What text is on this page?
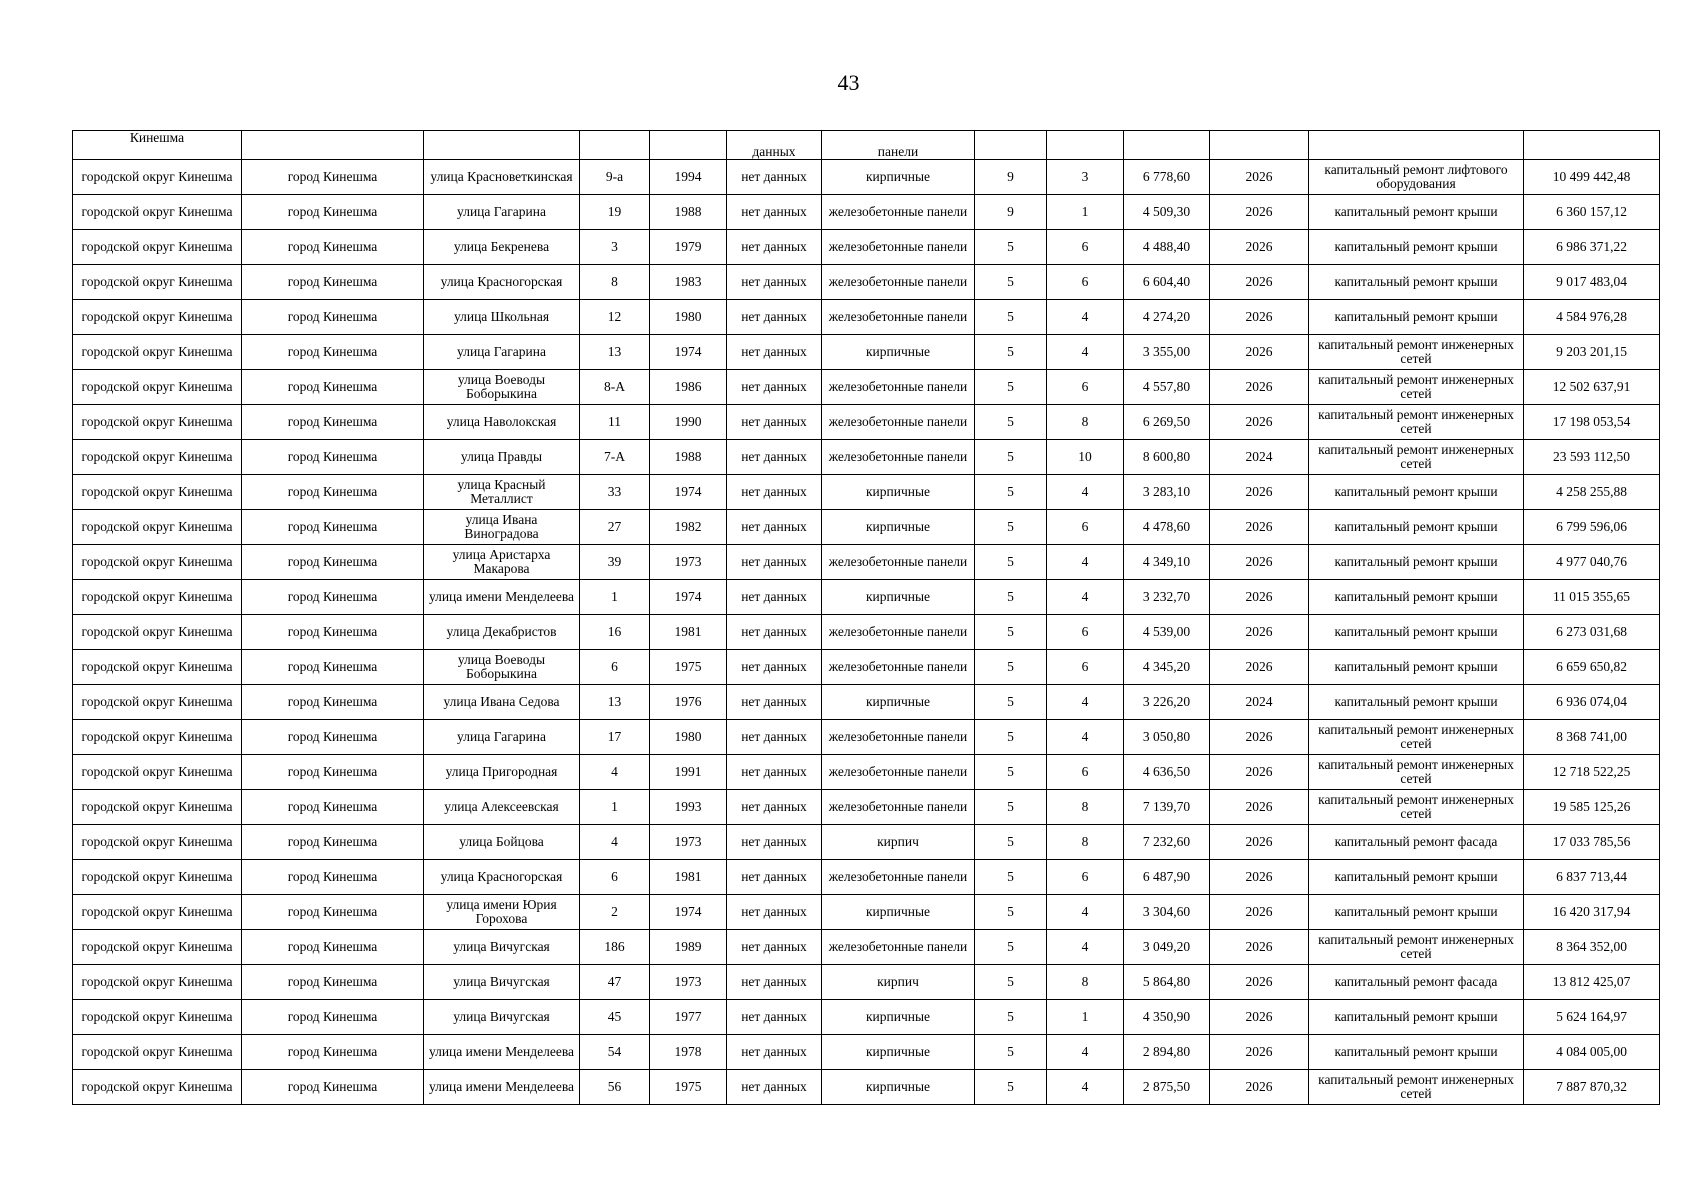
43
Кинешма					данных	панели						
городской округ Кинешма	город Кинешма	улица Красноветкинская	9-а	1994	нет данных	кирпичные	9	3	6 778,60	2026	капитальный ремонт лифтового оборудования	10 499 442,48
городской округ Кинешма	город Кинешма	улица Гагарина	19	1988	нет данных	железобетонные панели	9	1	4 509,30	2026	капитальный ремонт крыши	6 360 157,12
городской округ Кинешма	город Кинешма	улица Бекренева	3	1979	нет данных	железобетонные панели	5	6	4 488,40	2026	капитальный ремонт крыши	6 986 371,22
городской округ Кинешма	город Кинешма	улица Красногорская	8	1983	нет данных	железобетонные панели	5	6	6 604,40	2026	капитальный ремонт крыши	9 017 483,04
городской округ Кинешма	город Кинешма	улица Школьная	12	1980	нет данных	железобетонные панели	5	4	4 274,20	2026	капитальный ремонт крыши	4 584 976,28
городской округ Кинешма	город Кинешма	улица Гагарина	13	1974	нет данных	кирпичные	5	4	3 355,00	2026	капитальный ремонт инженерных сетей	9 203 201,15
городской округ Кинешма	город Кинешма	улица Воеводы Боборыкина	8-А	1986	нет данных	железобетонные панели	5	6	4 557,80	2026	капитальный ремонт инженерных сетей	12 502 637,91
городской округ Кинешма	город Кинешма	улица Наволокская	11	1990	нет данных	железобетонные панели	5	8	6 269,50	2026	капитальный ремонт инженерных сетей	17 198 053,54
городской округ Кинешма	город Кинешма	улица Правды	7-А	1988	нет данных	железобетонные панели	5	10	8 600,80	2024	капитальный ремонт инженерных сетей	23 593 112,50
городской округ Кинешма	город Кинешма	улица Красный Металлист	33	1974	нет данных	кирпичные	5	4	3 283,10	2026	капитальный ремонт крыши	4 258 255,88
городской округ Кинешма	город Кинешма	улица Ивана Виноградова	27	1982	нет данных	кирпичные	5	6	4 478,60	2026	капитальный ремонт крыши	6 799 596,06
городской округ Кинешма	город Кинешма	улица Аристарха Макарова	39	1973	нет данных	железобетонные панели	5	4	4 349,10	2026	капитальный ремонт крыши	4 977 040,76
городской округ Кинешма	город Кинешма	улица имени Менделеева	1	1974	нет данных	кирпичные	5	4	3 232,70	2026	капитальный ремонт крыши	11 015 355,65
городской округ Кинешма	город Кинешма	улица Декабристов	16	1981	нет данных	железобетонные панели	5	6	4 539,00	2026	капитальный ремонт крыши	6 273 031,68
городской округ Кинешма	город Кинешма	улица Воеводы Боборыкина	6	1975	нет данных	железобетонные панели	5	6	4 345,20	2026	капитальный ремонт крыши	6 659 650,82
городской округ Кинешма	город Кинешма	улица Ивана Седова	13	1976	нет данных	кирпичные	5	4	3 226,20	2024	капитальный ремонт крыши	6 936 074,04
городской округ Кинешма	город Кинешма	улица Гагарина	17	1980	нет данных	железобетонные панели	5	4	3 050,80	2026	капитальный ремонт инженерных сетей	8 368 741,00
городской округ Кинешма	город Кинешма	улица Пригородная	4	1991	нет данных	железобетонные панели	5	6	4 636,50	2026	капитальный ремонт инженерных сетей	12 718 522,25
городской округ Кинешма	город Кинешма	улица Алексеевская	1	1993	нет данных	железобетонные панели	5	8	7 139,70	2026	капитальный ремонт инженерных сетей	19 585 125,26
городской округ Кинешма	город Кинешма	улица Бойцова	4	1973	нет данных	кирпич	5	8	7 232,60	2026	капитальный ремонт фасада	17 033 785,56
городской округ Кинешма	город Кинешма	улица Красногорская	6	1981	нет данных	железобетонные панели	5	6	6 487,90	2026	капитальный ремонт крыши	6 837 713,44
городской округ Кинешма	город Кинешма	улица имени Юрия Горохова	2	1974	нет данных	кирпичные	5	4	3 304,60	2026	капитальный ремонт крыши	16 420 317,94
городской округ Кинешма	город Кинешма	улица Вичугская	186	1989	нет данных	железобетонные панели	5	4	3 049,20	2026	капитальный ремонт инженерных сетей	8 364 352,00
городской округ Кинешма	город Кинешма	улица Вичугская	47	1973	нет данных	кирпич	5	8	5 864,80	2026	капитальный ремонт фасада	13 812 425,07
городской округ Кинешма	город Кинешма	улица Вичугская	45	1977	нет данных	кирпичные	5	1	4 350,90	2026	капитальный ремонт крыши	5 624 164,97
городской округ Кинешма	город Кинешма	улица имени Менделеева	54	1978	нет данных	кирпичные	5	4	2 894,80	2026	капитальный ремонт крыши	4 084 005,00
городской округ Кинешма	город Кинешма	улица имени Менделеева	56	1975	нет данных	кирпичные	5	4	2 875,50	2026	капитальный ремонт инженерных сетей	7 887 870,32
